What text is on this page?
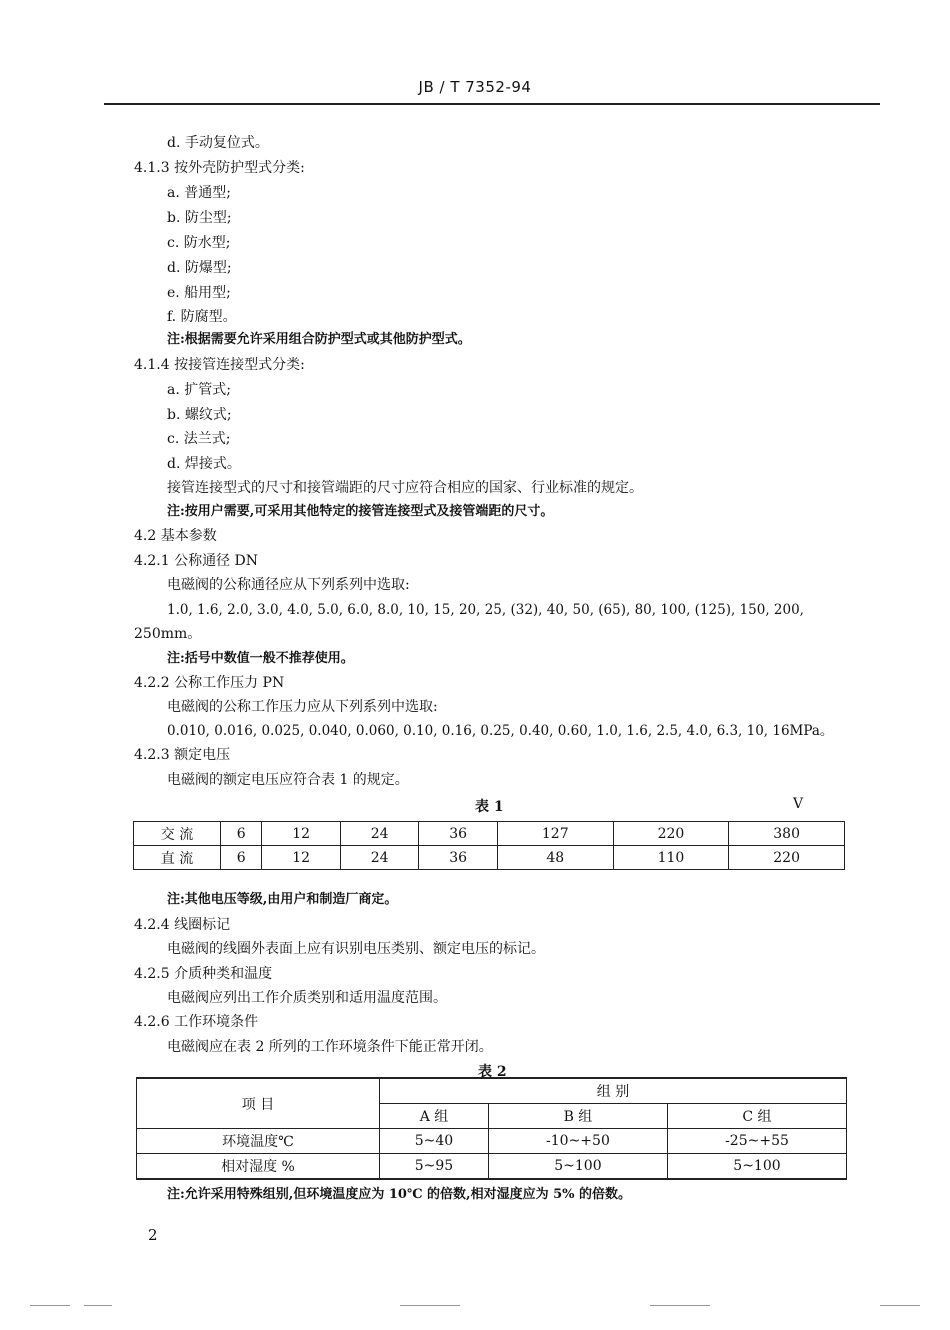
JB / T 7352-94
d. 手动复位式。
4.1.3 按外壳防护型式分类:
a. 普通型;
b. 防尘型;
c. 防水型;
d. 防爆型;
e. 船用型;
f. 防腐型。
注:根据需要允许采用组合防护型式或其他防护型式。
4.1.4 按接管连接型式分类:
a. 扩管式;
b. 螺纹式;
c. 法兰式;
d. 焊接式。
接管连接型式的尺寸和接管端距的尺寸应符合相应的国家、行业标准的规定。
注:按用户需要,可采用其他特定的接管连接型式及接管端距的尺寸。
4.2 基本参数
4.2.1 公称通径 DN
电磁阀的公称通径应从下列系列中选取:
1.0, 1.6, 2.0, 3.0, 4.0, 5.0, 6.0, 8.0, 10, 15, 20, 25, (32), 40, 50, (65), 80, 100, (125), 150, 200,
250mm。
注:括号中数值一般不推荐使用。
4.2.2 公称工作压力 PN
电磁阀的公称工作压力应从下列系列中选取:
0.010, 0.016, 0.025, 0.040, 0.060, 0.10, 0.16, 0.25, 0.40, 0.60, 1.0, 1.6, 2.5, 4.0, 6.3, 10, 16MPa。
4.2.3 额定电压
电磁阀的额定电压应符合表 1 的规定。
表 1	V
交 流	6	12	24	36	127	220	380
直 流	6	12	24	36	48	110	220
注:其他电压等级,由用户和制造厂商定。
4.2.4 线圈标记
电磁阀的线圈外表面上应有识别电压类别、额定电压的标记。
4.2.5 介质种类和温度
电磁阀应列出工作介质类别和适用温度范围。
4.2.6 工作环境条件
电磁阀应在表 2 所列的工作环境条件下能正常开闭。
表 2
项 目	组 别		
	A 组	B 组	C 组
环境温度℃	5~40	-10~+50	-25~+55
相对湿度 %	5~95	5~100	5~100
注:允许采用特殊组别,但环境温度应为 10℃ 的倍数,相对湿度应为 5% 的倍数。
2
